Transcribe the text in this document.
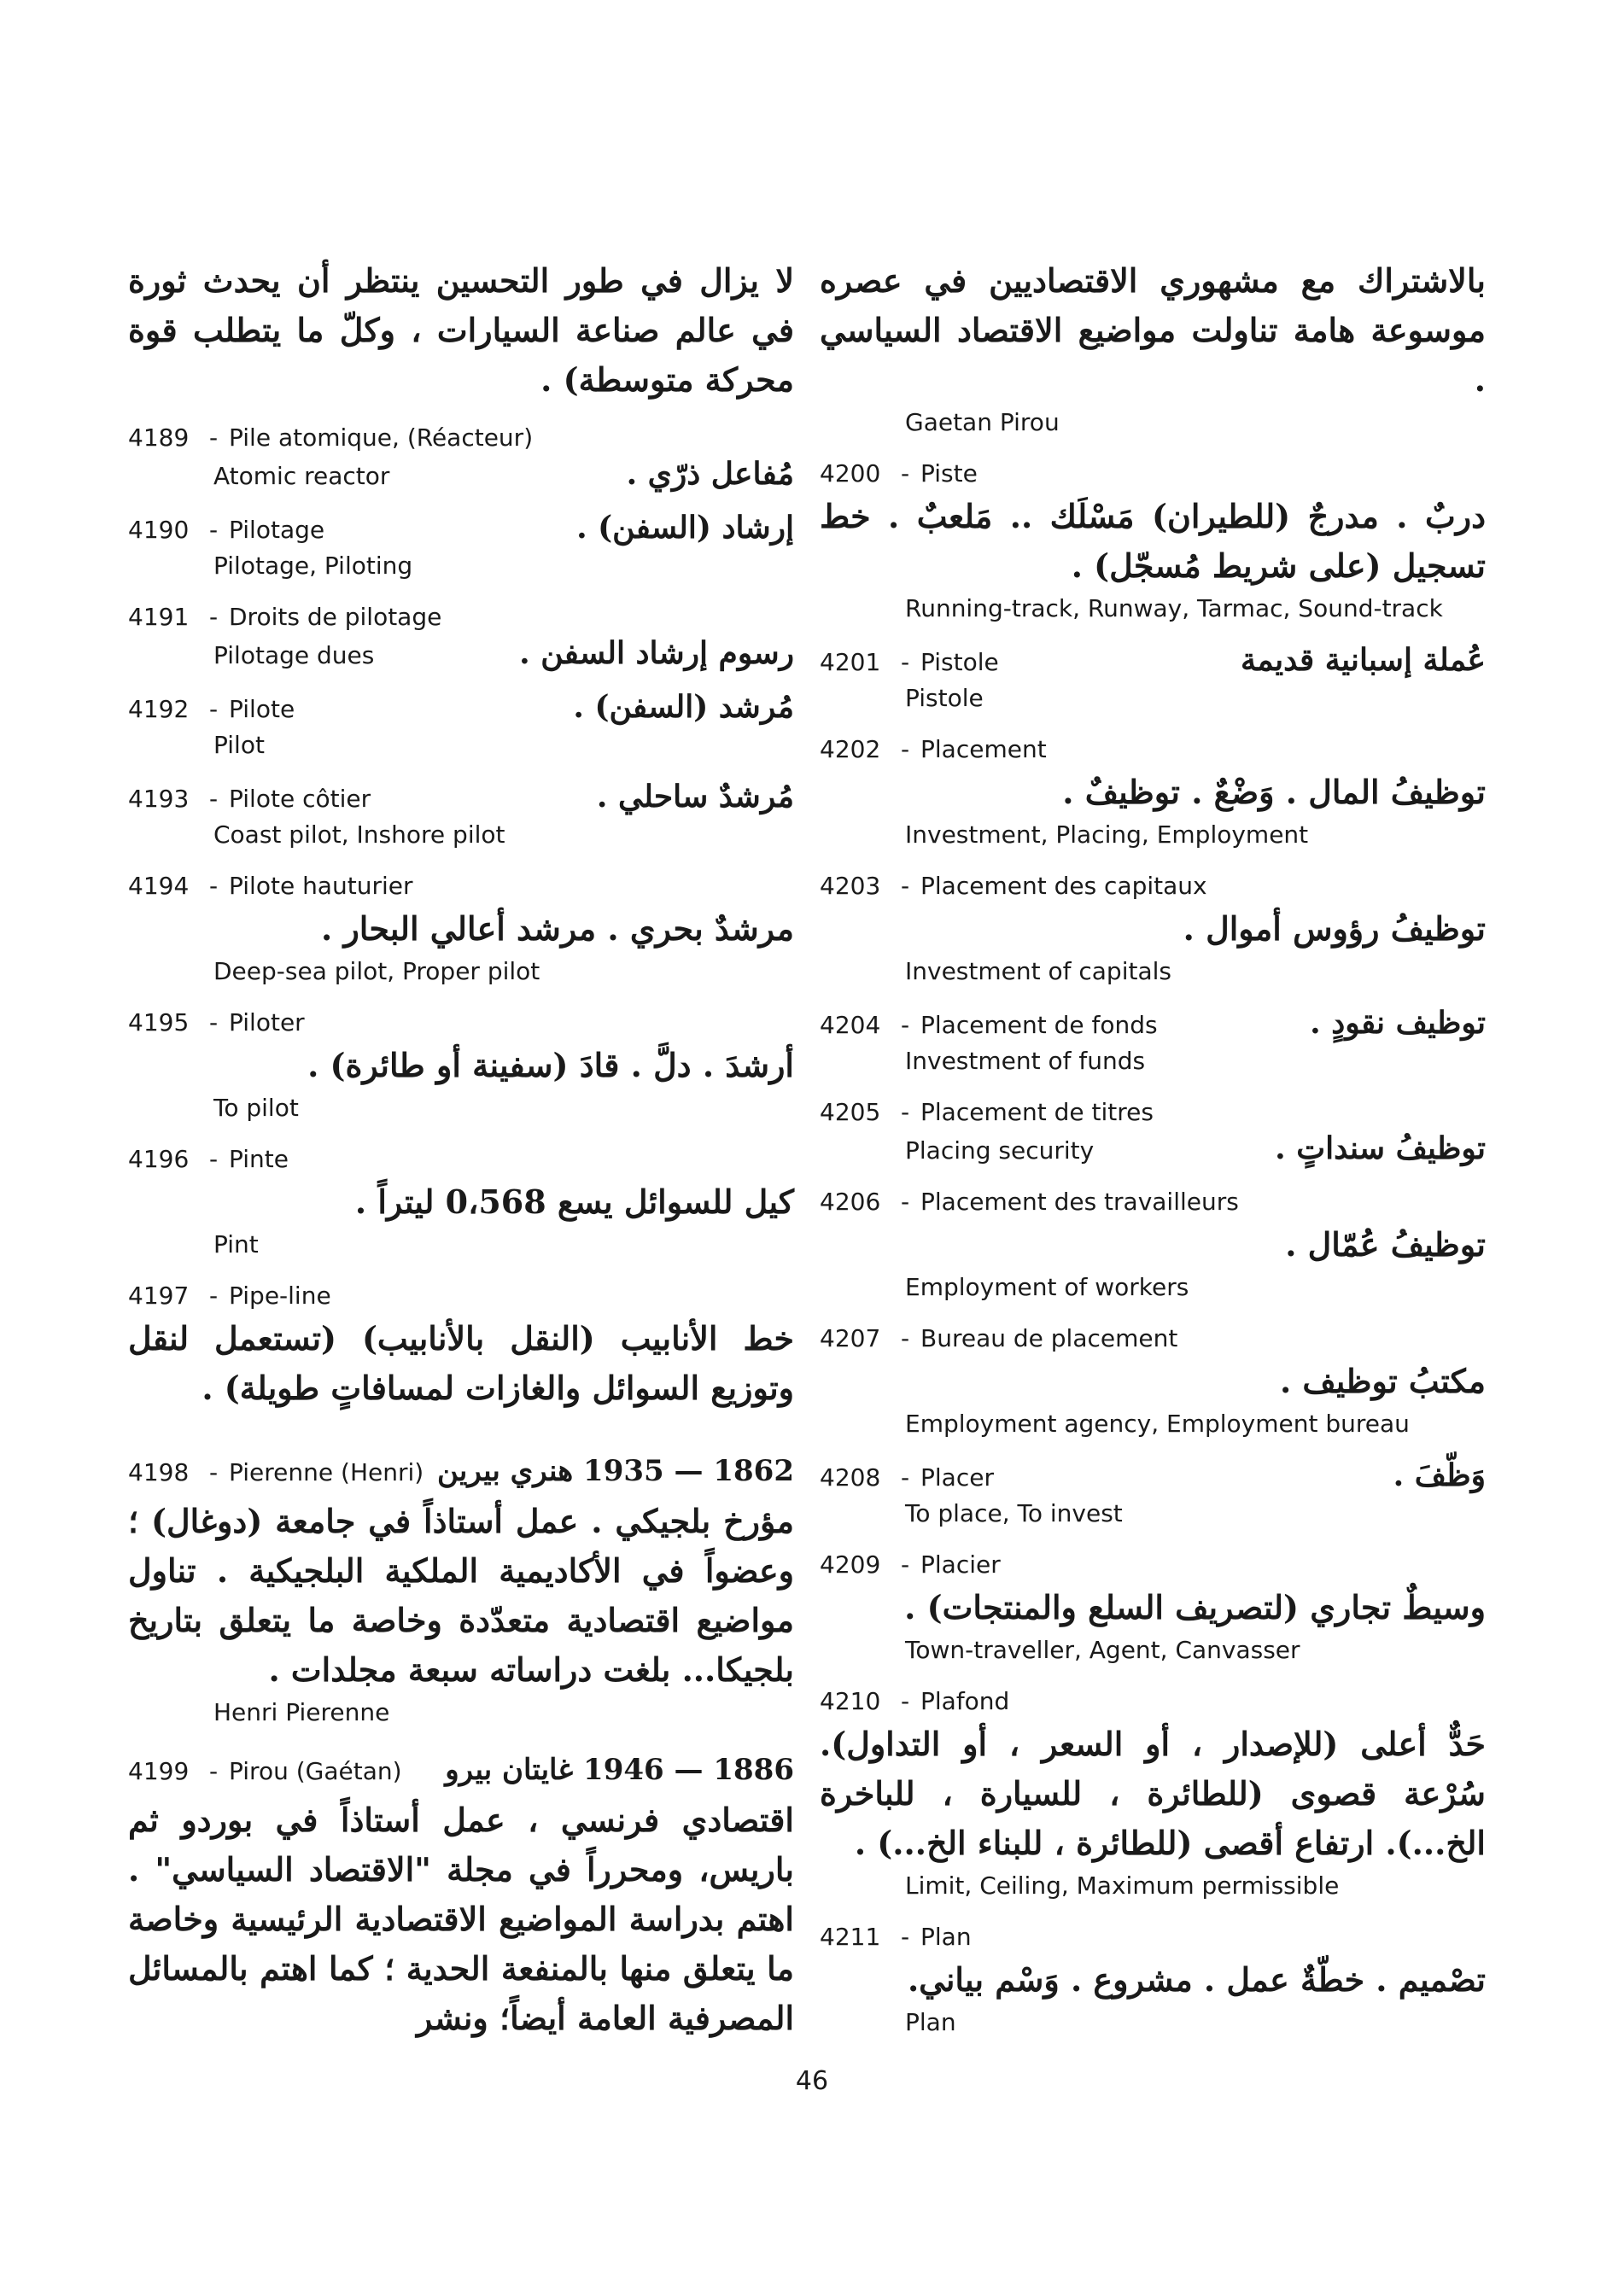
لا يزال في طور التحسين ينتظر أن يحدث ثورة في عالم صناعة السيارات ، وكلّ ما يتطلب قوة محركة متوسطة) .

4189 - Pile atomique, (Réacteur)
Atomic reactor	مُفاعل ذرّي .
4190 - Pilotage	إرشاد (السفن) .
Pilotage, Piloting
4191 - Droits de pilotage
Pilotage dues	رسوم إرشاد السفن .
4192 - Pilote	مُرشد (السفن) .
Pilot
4193 - Pilote côtier	مُرشدٌ ساحلي .
Coast pilot, Inshore pilot
4194 - Pilote hauturier

مرشدٌ بحري . مرشد أعالي البحار .

Deep-sea pilot, Proper pilot
4195 - Piloter

أرشدَ . دلَّ . قادَ (سفينة أو طائرة) .

To pilot
4196 - Pinte

كيل للسوائل يسع 0،568 ليتراً .

Pint
4197 - Pipe-line

خط الأنابيب (النقل بالأنابيب) (تستعمل لنقل وتوزيع السوائل والغازات لمسافاتٍ طويلة) .

4198 - Pierenne (Henri) 1862 — 1935 هنري بيرين

مؤرخ بلجيكي . عمل أستاذاً في جامعة (دوغال) ؛ وعضواً في الأكاديمية الملكية البلجيكية . تناول مواضيع اقتصادية متعدّدة وخاصة ما يتعلق بتاريخ بلجيكا... بلغت دراساته سبعة مجلدات .

Henri Pierenne
4199 - Pirou (Gaétan) 1886 — 1946 غايتان بيرو

اقتصادي فرنسي ، عمل أستاذاً في بوردو ثم باريس، ومحرراً في مجلة "الاقتصاد السياسي" . اهتم بدراسة المواضيع الاقتصادية الرئيسية وخاصة ما يتعلق منها بالمنفعة الحدية ؛ كما اهتم بالمسائل المصرفية العامة أيضاً؛ ونشر

بالاشتراك مع مشهوري الاقتصاديين في عصره موسوعة هامة تناولت مواضيع الاقتصاد السياسي .

Gaetan Pirou
4200 - Piste

دربٌ . مدرجٌ (للطيران) مَسْلَك .. مَلعبٌ . خط تسجيل (على شريط مُسجّل) .

Running-track, Runway, Tarmac, Sound-track
4201 - Pistole	عُملة إسبانية قديمة
Pistole
4202 - Placement

توظيفُ المال . وَضْعٌ . توظيفٌ .

Investment, Placing, Employment
4203 - Placement des capitaux

توظيفُ رؤوس أموال .

Investment of capitals
4204 - Placement de fonds	توظيف نقودٍ .
Investment of funds
4205 - Placement de titres
Placing security	توظيفُ سنداتٍ .
4206 - Placement des travailleurs

توظيفُ عُمّال .

Employment of workers
4207 - Bureau de placement

مكتبُ توظيف .

Employment agency, Employment bureau
4208 - Placer	وَظّفَ .
To place, To invest
4209 - Placier

وسيطٌ تجاري (لتصريف السلع والمنتجات) .

Town-traveller, Agent, Canvasser
4210 - Plafond

حَدٌّ أعلى (للإصدار ، أو السعر ، أو التداول). سُرْعة قصوى (للطائرة ، للسيارة ، للباخرة الخ...). ارتفاع أقصى (للطائرة ، للبناء الخ...) .

Limit, Ceiling, Maximum permissible
4211 - Plan

تصْميم . خطّةٌ عمل . مشروع . وَسْم بياني.

Plan
46
